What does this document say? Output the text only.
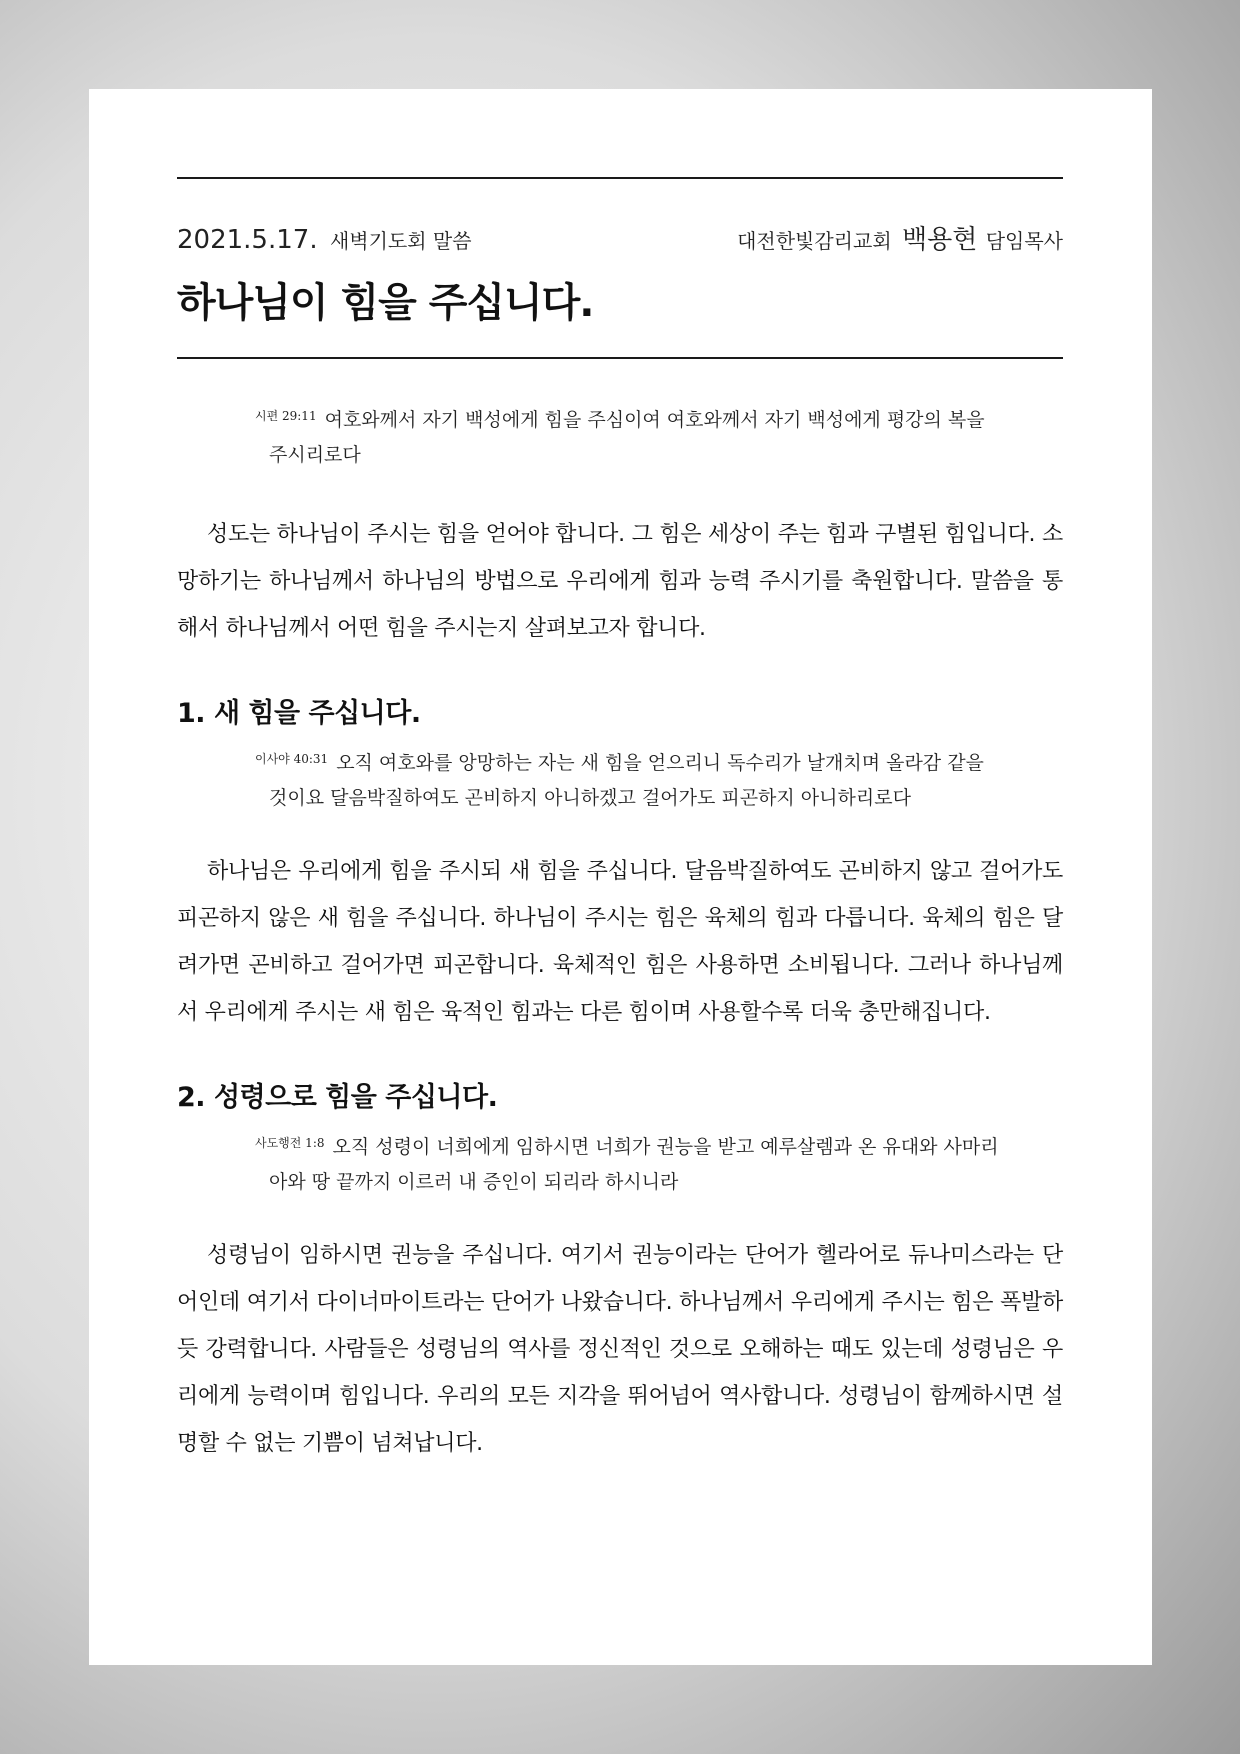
2021.5.17. 새벽기도회 말씀	대전한빛감리교회 백용현 담임목사
하나님이 힘을 주십니다.
$^{시편 29:11}$ 여호와께서 자기 백성에게 힘을 주심이여 여호와께서 자기 백성에게 평강의 복을 주시리로다

성도는 하나님이 주시는 힘을 얻어야 합니다. 그 힘은 세상이 주는 힘과 구별된 힘입니다. 소망하기는 하나님께서 하나님의 방법으로 우리에게 힘과 능력 주시기를 축원합니다. 말씀을 통해서 하나님께서 어떤 힘을 주시는지 살펴보고자 합니다.

1. 새 힘을 주십니다.
$^{이사야 40:31}$ 오직 여호와를 앙망하는 자는 새 힘을 얻으리니 독수리가 날개치며 올라감 같을 것이요 달음박질하여도 곤비하지 아니하겠고 걸어가도 피곤하지 아니하리로다

하나님은 우리에게 힘을 주시되 새 힘을 주십니다. 달음박질하여도 곤비하지 않고 걸어가도 피곤하지 않은 새 힘을 주십니다. 하나님이 주시는 힘은 육체의 힘과 다릅니다. 육체의 힘은 달려가면 곤비하고 걸어가면 피곤합니다. 육체적인 힘은 사용하면 소비됩니다. 그러나 하나님께서 우리에게 주시는 새 힘은 육적인 힘과는 다른 힘이며 사용할수록 더욱 충만해집니다.

2. 성령으로 힘을 주십니다.
$^{사도행전 1:8}$ 오직 성령이 너희에게 임하시면 너희가 권능을 받고 예루살렘과 온 유대와 사마리아와 땅 끝까지 이르러 내 증인이 되리라 하시니라

성령님이 임하시면 권능을 주십니다. 여기서 권능이라는 단어가 헬라어로 듀나미스라는 단어인데 여기서 다이너마이트라는 단어가 나왔습니다. 하나님께서 우리에게 주시는 힘은 폭발하듯 강력합니다. 사람들은 성령님의 역사를 정신적인 것으로 오해하는 때도 있는데 성령님은 우리에게 능력이며 힘입니다. 우리의 모든 지각을 뛰어넘어 역사합니다. 성령님이 함께하시면 설명할 수 없는 기쁨이 넘쳐납니다.
